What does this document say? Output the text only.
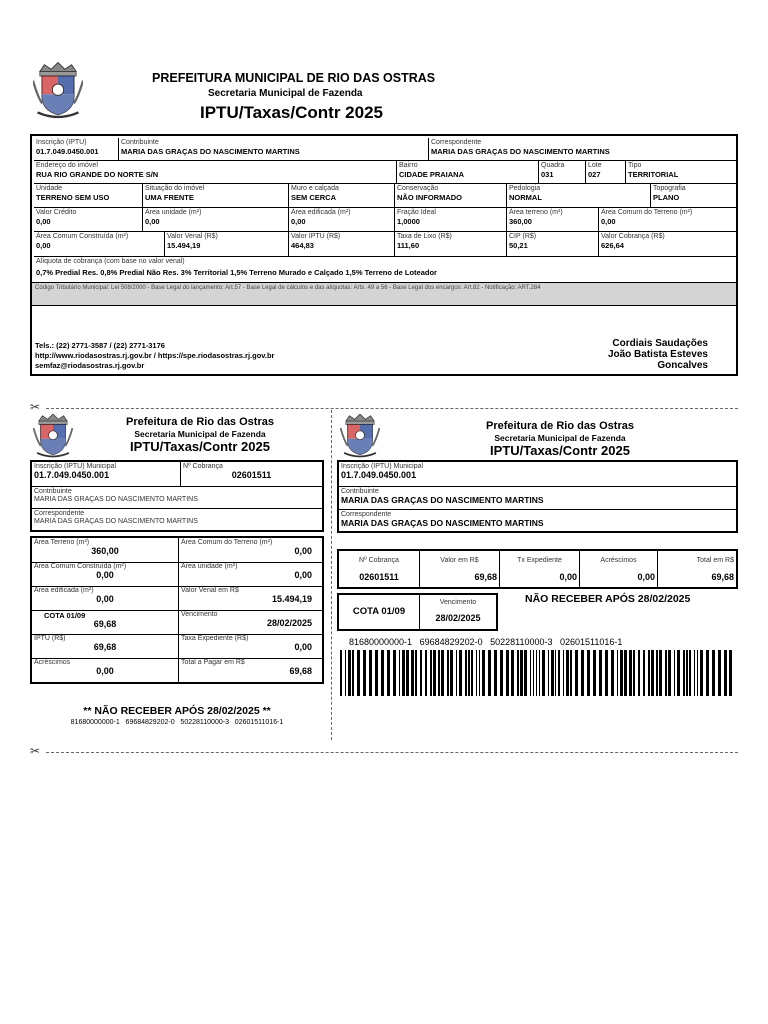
PREFEITURA MUNICIPAL DE RIO DAS OSTRAS
Secretaria Municipal de Fazenda
IPTU/Taxas/Contr 2025
Inscrição (IPTU)
01.7.049.0450.001
Contribuinte
MARIA DAS GRAÇAS DO NASCIMENTO MARTINS
Correspondente
MARIA DAS GRAÇAS DO NASCIMENTO MARTINS
Endereço do imóvel
RUA RIO GRANDE DO NORTE S/N
Bairro
CIDADE PRAIANA
Quadra
031
Lote
027
Tipo
TERRITORIAL
Unidade
TERRENO SEM USO
Situação do imóvel
UMA FRENTE
Muro e calçada
SEM CERCA
Conservação
NÃO INFORMADO
Pedologia
NORMAL
Topografia
PLANO
Valor Crédito
0,00
Área unidade (m²)
0,00
Área edificada (m²)
0,00
Fração Ideal
1,0000
Área terreno (m²)
360,00
Área Comum do Terreno (m²)
0,00
Área Comum Construída (m²)
0,00
Valor Venal (R$)
15.494,19
Valor IPTU (R$)
464,83
Taxa de Lixo (R$)
111,60
CIP (R$)
50,21
Valor Cobrança (R$)
626,64
Alíquota de cobrança (com base no valor venal)
0,7% Predial Res. 0,8% Predial Não Res. 3% Territorial 1,5% Terreno Murado e Calçado 1,5% Terreno de Loteador
Código Tributário Municipal: Lei 508/2000 - Base Legal do lançamento: Art.57 - Base Legal de cálculos e das alíquotas: Arts. 49 a 56 - Base Legal dos encargos: Art.82 - Notificação: ART.284
Tels.: (22) 2771-3587 / (22) 2771-3176
http://www.riodasostras.rj.gov.br / https://spe.riodasostras.rj.gov.br
semfaz@riodasostras.rj.gov.br
Cordiais Saudações
João Batista Esteves
Goncalves
✂
Prefeitura de Rio das Ostras
Secretaria Municipal de Fazenda
IPTU/Taxas/Contr 2025
Inscrição (IPTU) Municipal
01.7.049.0450.001
Nº Cobrança
02601511
Contribuinte
MARIA DAS GRAÇAS DO NASCIMENTO MARTINS
Correspondente
MARIA DAS GRAÇAS DO NASCIMENTO MARTINS
Área Terreno (m²)
360,00
Área Comum Construída (m²)
0,00
Área edificada (m²)
0,00
COTA 01/09
69,68
IPTU (R$)
69,68
Acréscimos
0,00
Área Comum do Terreno (m²)
0,00
Área unidade (m²)
0,00
Valor Venal em R$
15.494,19
Vencimento
28/02/2025
Taxa Expediente (R$)
0,00
Total a Pagar em R$
69,68
** NÃO RECEBER APÓS 28/02/2025 **
81680000000-1   69684829202-0   50228110000-3   02601511016-1
Prefeitura de Rio das Ostras
Secretaria Municipal de Fazenda
IPTU/Taxas/Contr 2025
Inscrição (IPTU) Municipal
01.7.049.0450.001
Contribuinte
MARIA DAS GRAÇAS DO NASCIMENTO MARTINS
Correspondente
MARIA DAS GRAÇAS DO NASCIMENTO MARTINS
Nº Cobrança
02601511
Valor em R$
69,68
Tx Expediente
0,00
Acréscimos
0,00
Total em R$
69,68
COTA 01/09
Vencimento
28/02/2025
NÃO RECEBER APÓS 28/02/2025
81680000000-1   69684829202-0   50228110000-3   02601511016-1
✂
